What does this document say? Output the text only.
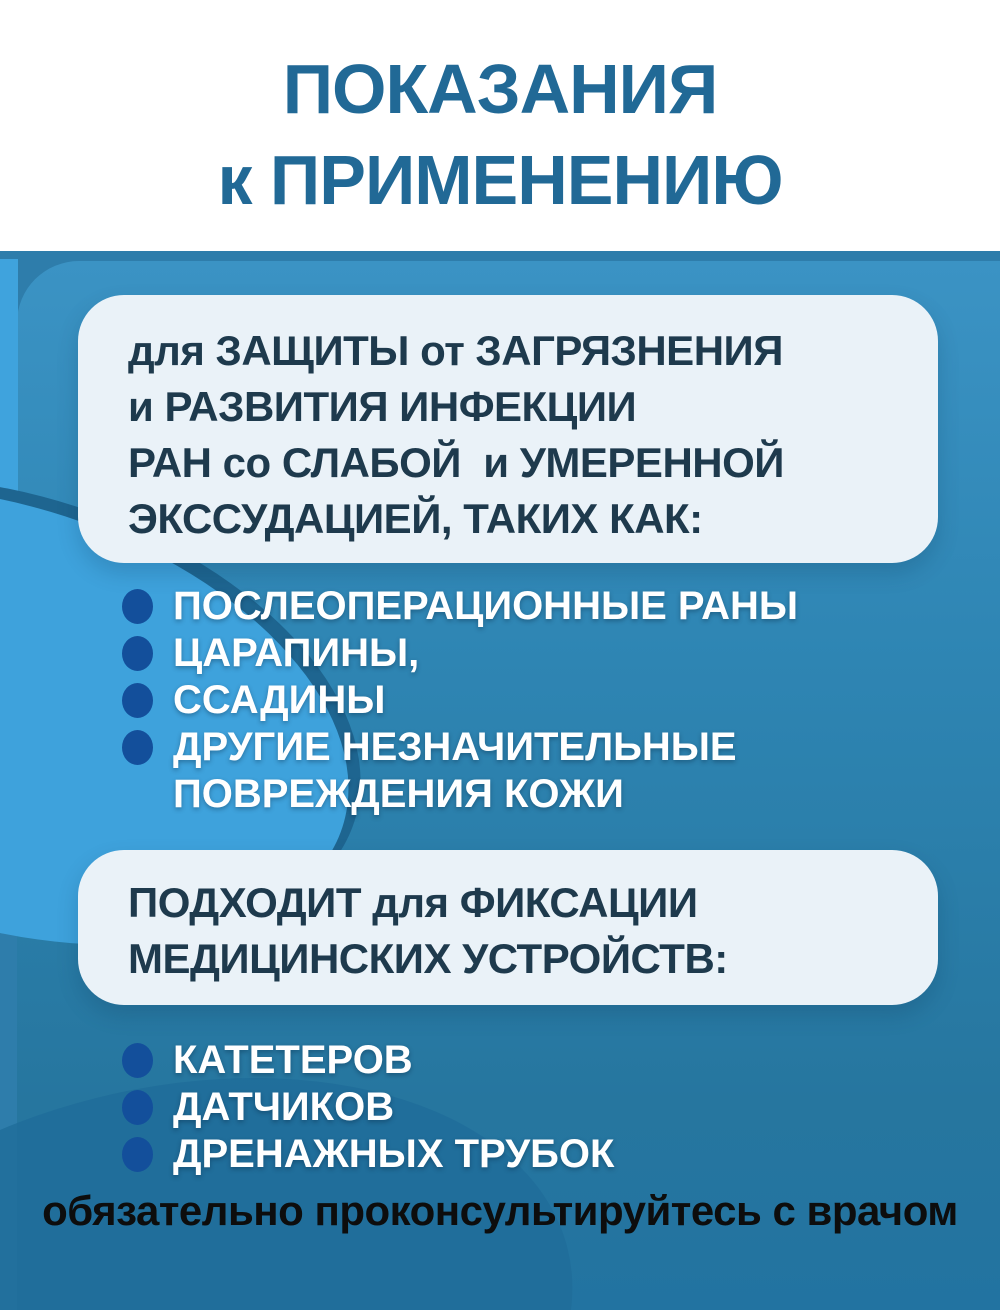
ПОКАЗАНИЯ
к ПРИМЕНЕНИЮ

для ЗАЩИТЫ от ЗАГРЯЗНЕНИЯ
и РАЗВИТИЯ ИНФЕКЦИИ
РАН со СЛАБОЙ  и УМЕРЕННОЙ
ЭКССУДАЦИЕЙ, ТАКИХ КАК:

ПОСЛЕОПЕРАЦИОННЫЕ РАНЫ
ЦАРАПИНЫ,
ССАДИНЫ
ДРУГИЕ НЕЗНАЧИТЕЛЬНЫЕ ПОВРЕЖДЕНИЯ КОЖИ

ПОДХОДИТ для ФИКСАЦИИ
МЕДИЦИНСКИХ УСТРОЙСТВ:

КАТЕТЕРОВ
ДАТЧИКОВ
ДРЕНАЖНЫХ ТРУБОК

обязательно проконсультируйтесь с врачом
